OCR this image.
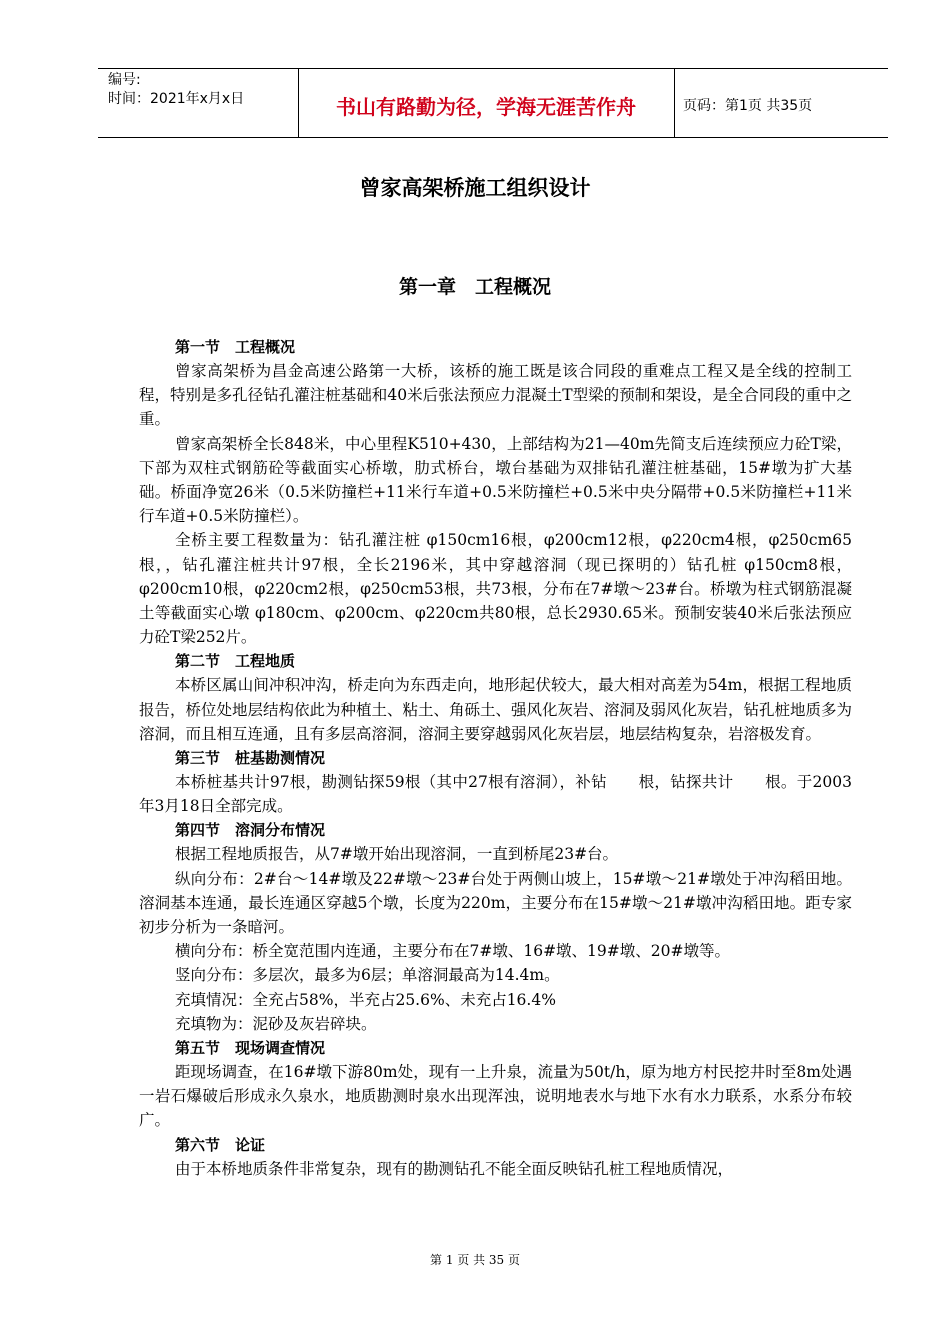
编号:
时间：2021年x月x日	书山有路勤为径，学海无涯苦作舟	页码：第1页 共35页
曾家高架桥施工组织设计
第一章　工程概况

第一节　工程概况

曾家高架桥为昌金高速公路第一大桥，该桥的施工既是该合同段的重难点工程又是全线的控制工程，特别是多孔径钻孔灌注桩基础和40米后张法预应力混凝土T型梁的预制和架设，是全合同段的重中之重。

曾家高架桥全长848米，中心里程K510+430，上部结构为21—40m先简支后连续预应力砼T梁，下部为双柱式钢筋砼等截面实心桥墩，肋式桥台，墩台基础为双排钻孔灌注桩基础，15#墩为扩大基础。桥面净宽26米（0.5米防撞栏+11米行车道+0.5米防撞栏+0.5米中央分隔带+0.5米防撞栏+11米行车道+0.5米防撞栏）。

全桥主要工程数量为：钻孔灌注桩 φ150cm16根，φ200cm12根，φ220cm4根，φ250cm65根，，钻孔灌注桩共计97根，全长2196米，其中穿越溶洞（现已探明的）钻孔桩 φ150cm8根，φ200cm10根，φ220cm2根，φ250cm53根，共73根，分布在7#墩～23#台。桥墩为柱式钢筋混凝土等截面实心墩 φ180cm、φ200cm、φ220cm共80根，总长2930.65米。预制安装40米后张法预应力砼T梁252片。

第二节　工程地质

本桥区属山间冲积冲沟，桥走向为东西走向，地形起伏较大，最大相对高差为54m，根据工程地质报告，桥位处地层结构依此为种植土、粘土、角砾土、强风化灰岩、溶洞及弱风化灰岩，钻孔桩地质多为溶洞，而且相互连通，且有多层高溶洞，溶洞主要穿越弱风化灰岩层，地层结构复杂，岩溶极发育。

第三节　桩基勘测情况

本桥桩基共计97根，勘测钻探59根（其中27根有溶洞），补钻　　根，钻探共计　　根。于2003年3月18日全部完成。

第四节　溶洞分布情况

根据工程地质报告，从7#墩开始出现溶洞，一直到桥尾23#台。

纵向分布：2#台～14#墩及22#墩～23#台处于两侧山坡上，15#墩～21#墩处于冲沟稻田地。溶洞基本连通，最长连通区穿越5个墩，长度为220m，主要分布在15#墩～21#墩冲沟稻田地。距专家初步分析为一条暗河。

横向分布：桥全宽范围内连通，主要分布在7#墩、16#墩、19#墩、20#墩等。

竖向分布：多层次，最多为6层；单溶洞最高为14.4m。

充填情况：全充占58%，半充占25.6%、未充占16.4%

充填物为：泥砂及灰岩碎块。

第五节　现场调查情况

距现场调查，在16#墩下游80m处，现有一上升泉，流量为50t/h，原为地方村民挖井时至8m处遇一岩石爆破后形成永久泉水，地质勘测时泉水出现浑浊，说明地表水与地下水有水力联系，水系分布较广。

第六节　论证

由于本桥地质条件非常复杂，现有的勘测钻孔不能全面反映钻孔桩工程地质情况，

第 1 页 共 35 页
